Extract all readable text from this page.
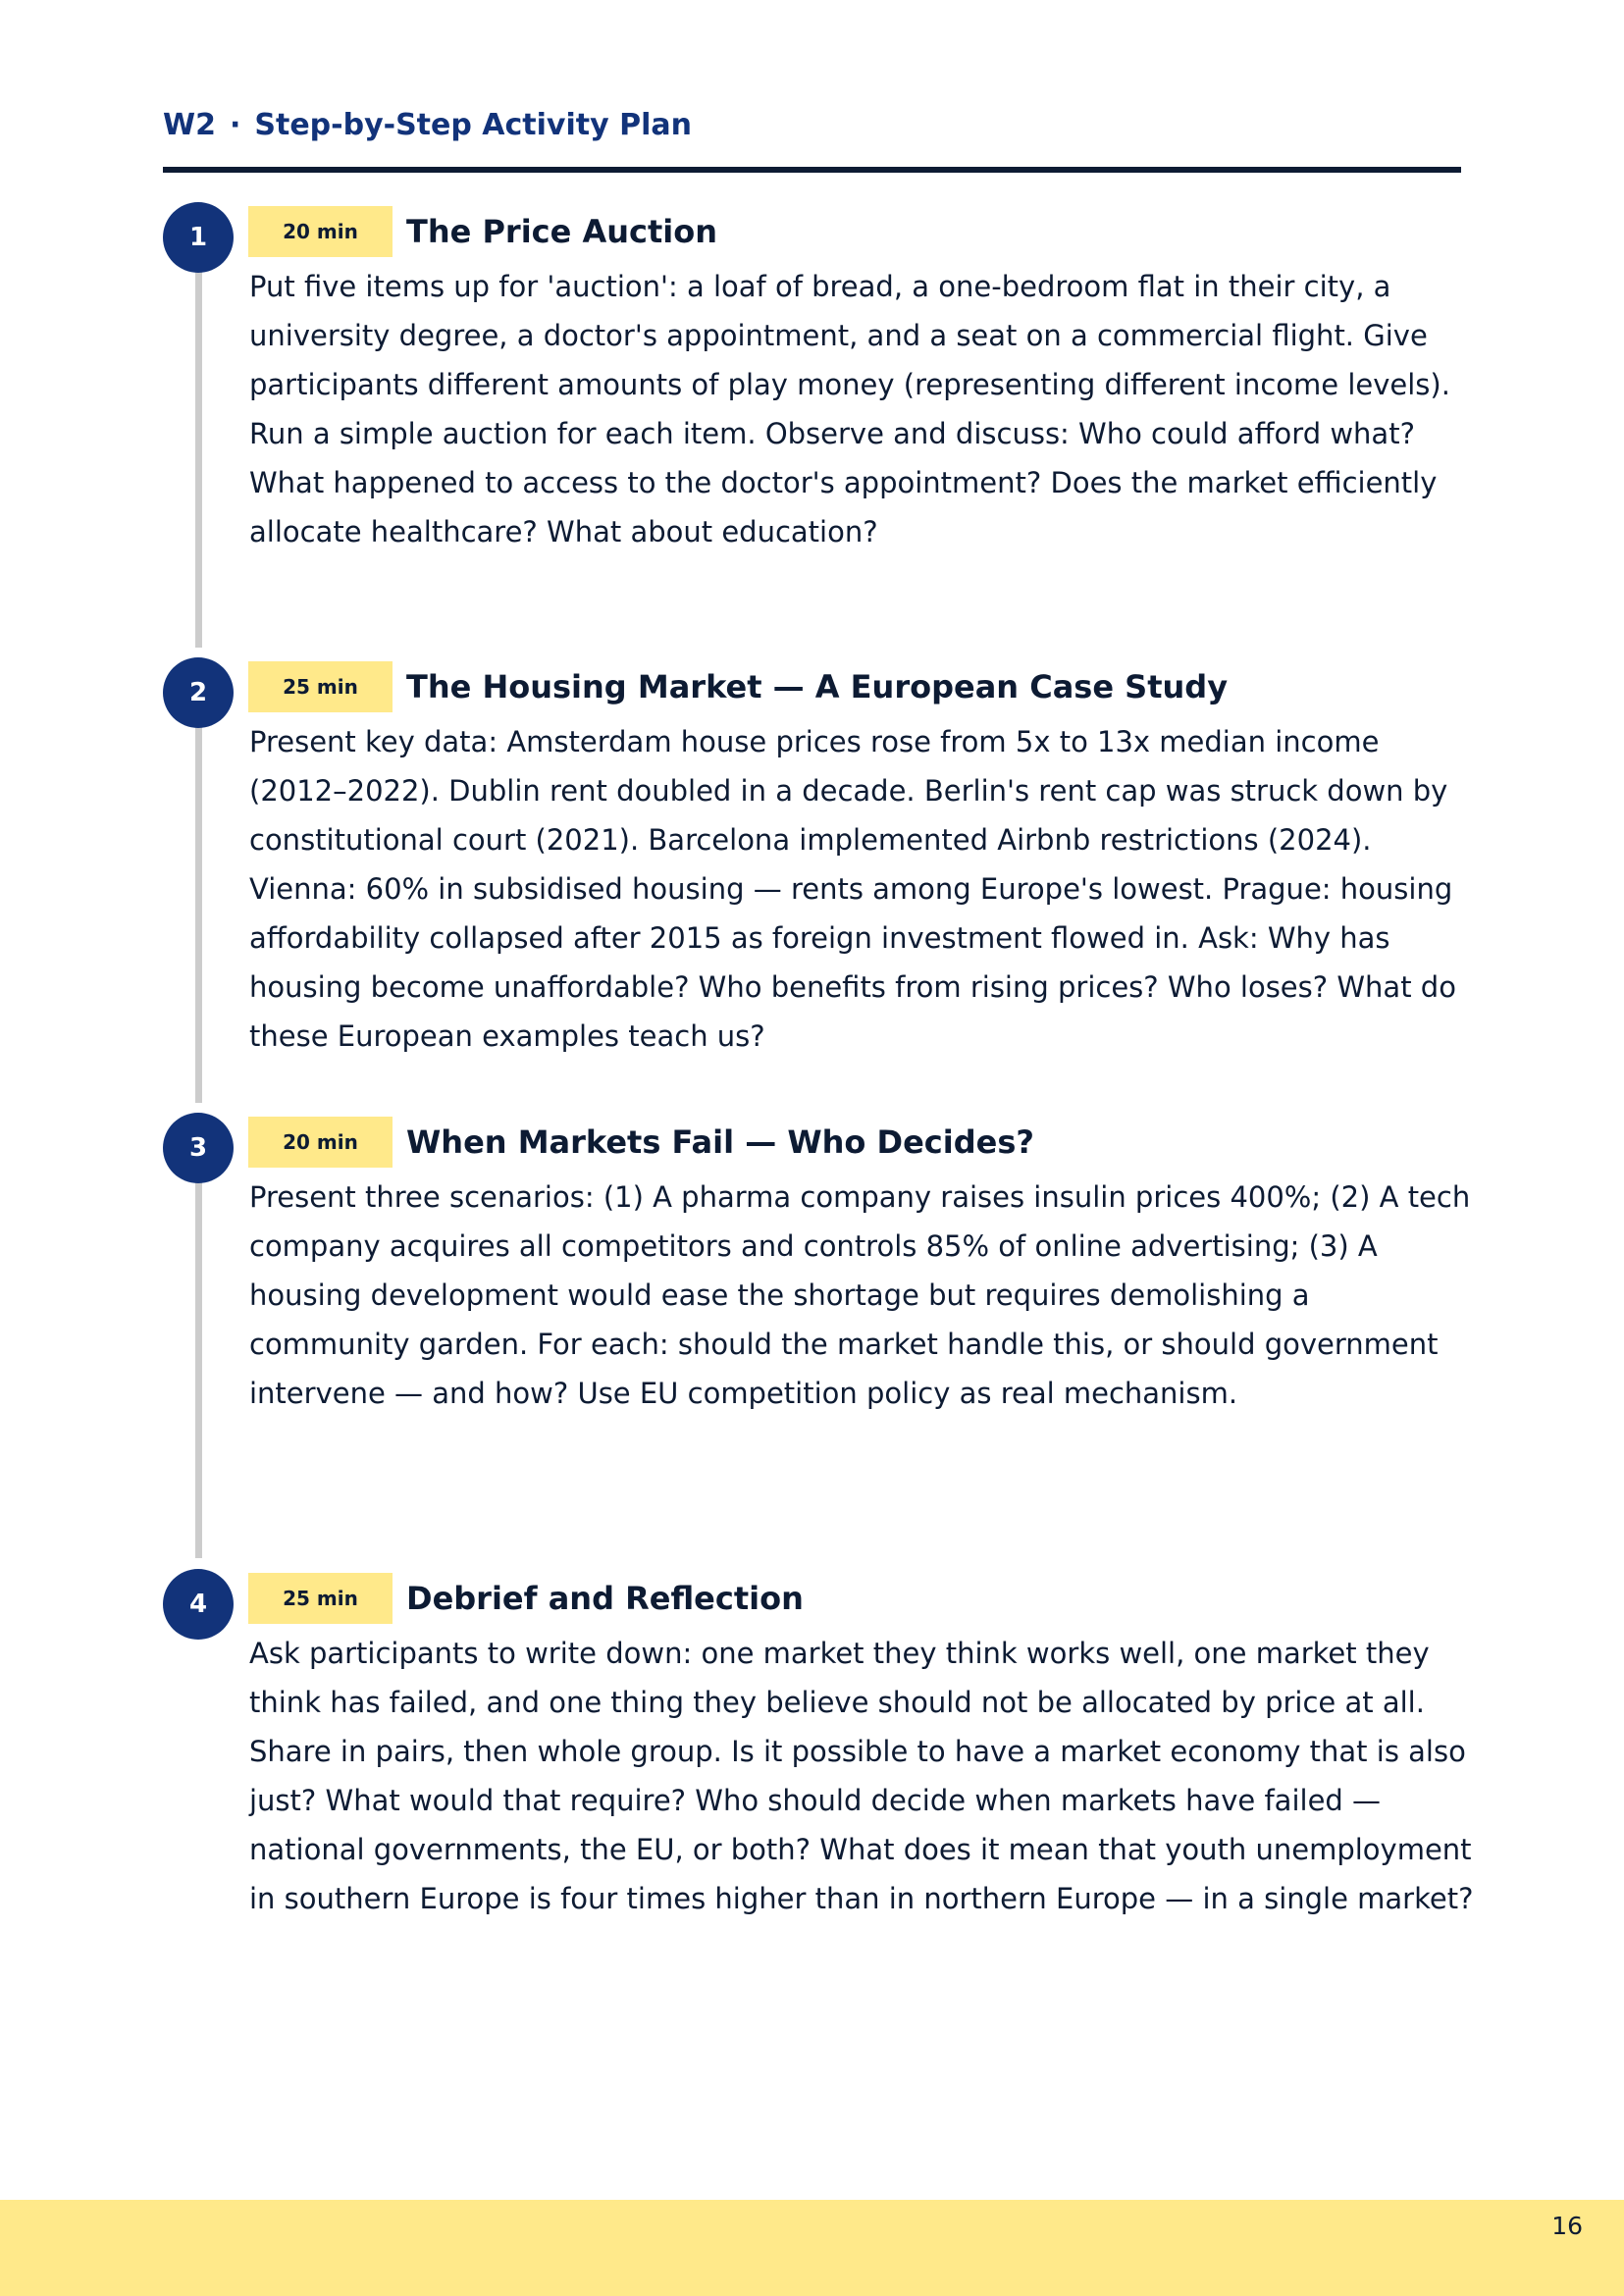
W2 · Step-by-Step Activity Plan
1	20 min	The Price Auction
Put five items up for 'auction': a loaf of bread, a one-bedroom flat in their city, a university degree, a doctor's appointment, and a seat on a commercial flight. Give participants different amounts of play money (representing different income levels). Run a simple auction for each item. Observe and discuss: Who could afford what? What happened to access to the doctor's appointment? Does the market efficiently allocate healthcare? What about education?
2	25 min	The Housing Market — A European Case Study
Present key data: Amsterdam house prices rose from 5x to 13x median income (2012–2022). Dublin rent doubled in a decade. Berlin's rent cap was struck down by constitutional court (2021). Barcelona implemented Airbnb restrictions (2024). Vienna: 60% in subsidised housing — rents among Europe's lowest. Prague: housing affordability collapsed after 2015 as foreign investment flowed in. Ask: Why has housing become unaffordable? Who benefits from rising prices? Who loses? What do these European examples teach us?
3	20 min	When Markets Fail — Who Decides?
Present three scenarios: (1) A pharma company raises insulin prices 400%; (2) A tech company acquires all competitors and controls 85% of online advertising; (3) A housing development would ease the shortage but requires demolishing a community garden. For each: should the market handle this, or should government intervene — and how? Use EU competition policy as real mechanism.
4	25 min	Debrief and Reflection
Ask participants to write down: one market they think works well, one market they think has failed, and one thing they believe should not be allocated by price at all. Share in pairs, then whole group. Is it possible to have a market economy that is also just? What would that require? Who should decide when markets have failed — national governments, the EU, or both? What does it mean that youth unemployment in southern Europe is four times higher than in northern Europe — in a single market?
16
